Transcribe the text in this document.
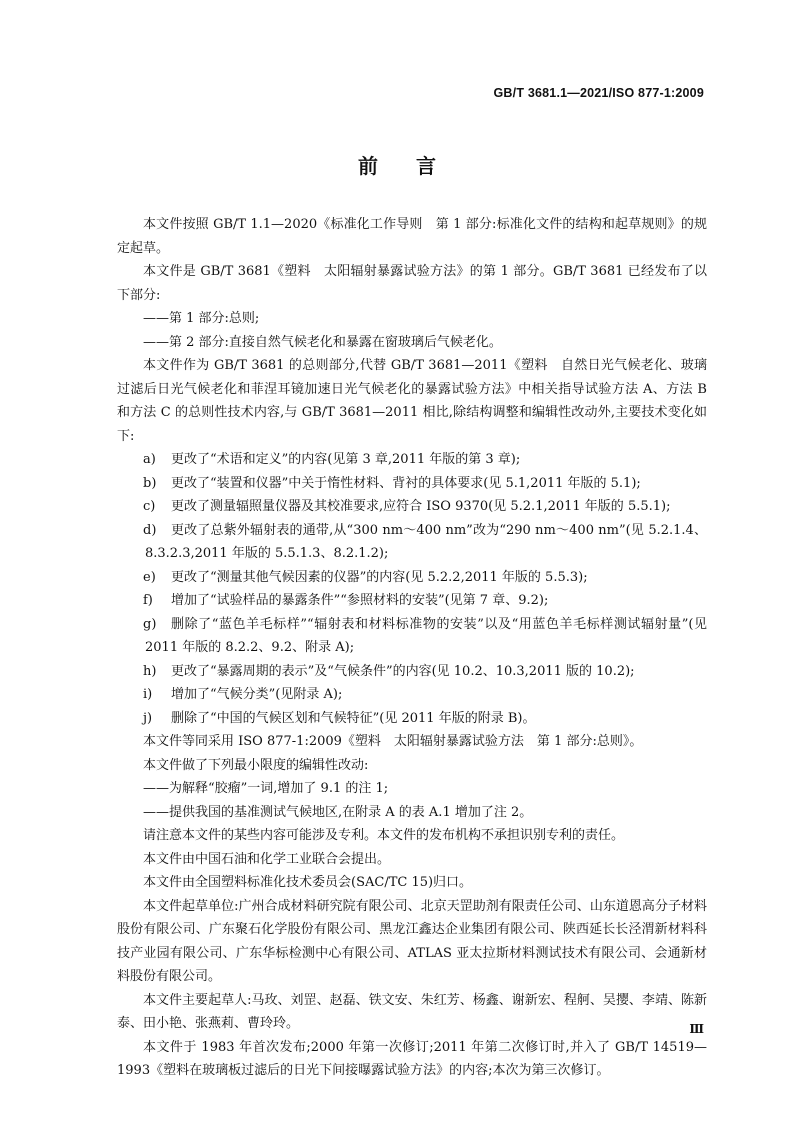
GB/T 3681.1—2021/ISO 877-1:2009
前言

本文件按照 GB/T 1.1—2020《标准化工作导则　第 1 部分:标准化文件的结构和起草规则》的规定起草。

本文件是 GB/T 3681《塑料　太阳辐射暴露试验方法》的第 1 部分。GB/T 3681 已经发布了以下部分:

——第 1 部分:总则;

——第 2 部分:直接自然气候老化和暴露在窗玻璃后气候老化。

本文件作为 GB/T 3681 的总则部分,代替 GB/T 3681—2011《塑料　自然日光气候老化、玻璃过滤后日光气候老化和菲涅耳镜加速日光气候老化的暴露试验方法》中相关指导试验方法 A、方法 B 和方法 C 的总则性技术内容,与 GB/T 3681—2011 相比,除结构调整和编辑性改动外,主要技术变化如下:

a) 更改了“术语和定义”的内容(见第 3 章,2011 年版的第 3 章);
b) 更改了“装置和仪器”中关于惰性材料、背衬的具体要求(见 5.1,2011 年版的 5.1);
c) 更改了测量辐照量仪器及其校准要求,应符合 ISO 9370(见 5.2.1,2011 年版的 5.5.1);
d) 更改了总紫外辐射表的通带,从“300 nm～400 nm”改为“290 nm～400 nm”(见 5.2.1.4、8.3.2.3,2011 年版的 5.5.1.3、8.2.1.2);
e) 更改了“测量其他气候因素的仪器”的内容(见 5.2.2,2011 年版的 5.5.3);
f) 增加了“试验样品的暴露条件”“参照材料的安装”(见第 7 章、9.2);
g) 删除了“蓝色羊毛标样”“辐射表和材料标准物的安装”以及“用蓝色羊毛标样测试辐射量”(见 2011 年版的 8.2.2、9.2、附录 A);
h) 更改了“暴露周期的表示”及“气候条件”的内容(见 10.2、10.3,2011 版的 10.2);
i) 增加了“气候分类”(见附录 A);
j) 删除了“中国的气候区划和气候特征”(见 2011 年版的附录 B)。

本文件等同采用 ISO 877-1:2009《塑料　太阳辐射暴露试验方法　第 1 部分:总则》。

本文件做了下列最小限度的编辑性改动:

——为解释“胶瘤”一词,增加了 9.1 的注 1;

——提供我国的基准测试气候地区,在附录 A 的表 A.1 增加了注 2。

请注意本文件的某些内容可能涉及专利。本文件的发布机构不承担识别专利的责任。

本文件由中国石油和化学工业联合会提出。

本文件由全国塑料标准化技术委员会(SAC/TC 15)归口。

本文件起草单位:广州合成材料研究院有限公司、北京天罡助剂有限责任公司、山东道恩高分子材料股份有限公司、广东聚石化学股份有限公司、黑龙江鑫达企业集团有限公司、陕西延长长泾渭新材料科技产业园有限公司、广东华标检测中心有限公司、ATLAS 亚太拉斯材料测试技术有限公司、会通新材料股份有限公司。

本文件主要起草人:马玫、刘罡、赵磊、铁文安、朱红芳、杨鑫、谢新宏、程舸、吴撄、李靖、陈新泰、田小艳、张燕莉、曹玲玲。

本文件于 1983 年首次发布;2000 年第一次修订;2011 年第二次修订时,并入了 GB/T 14519—1993《塑料在玻璃板过滤后的日光下间接曝露试验方法》的内容;本次为第三次修订。

Ⅲ
